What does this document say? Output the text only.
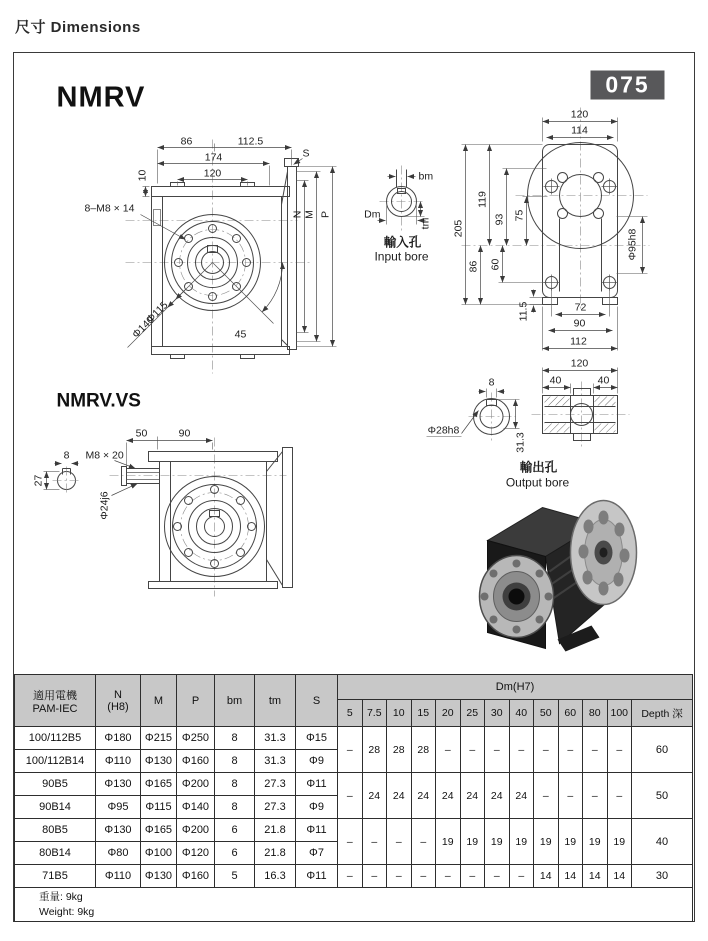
尺寸 Dimensions
NMRV	075
86	112.5
174
120
10
S
N M P
8–M8 × 14
Φ115
Φ140	45
bm
Dm
tm
輸入孔
Input bore
120
114
205
119
93 75
86 60
Φ95h8
11.5	72
90
112
120
40	40
8
Φ28h8
31.3
輸出孔
Output bore
NMRV.VS
50	90
8
27
M8 × 20
Φ24j6
適用電機
PAM-IEC

N
(H8)	M	P	bm	tm	S	Dm(H7)
							5	7.5	10	15	20	25	30	40	50	60	80	100	Depth 深
100/112B5	Φ180	Φ215	Φ250	8	31.3	Φ15	–	28	28	28	–	–	–	–	–	–	–	–	60
100/112B14	Φ110	Φ130	Φ160	8	31.3	Φ9													
90B5	Φ130	Φ165	Φ200	8	27.3	Φ11	–	24	24	24	24	24	24	24	–	–	–	–	50
90B14	Φ95	Φ115	Φ140	8	27.3	Φ9													
80B5	Φ130	Φ165	Φ200	6	21.8	Φ11	–	–	–	–	19	19	19	19	19	19	19	19	40
80B14	Φ80	Φ100	Φ120	6	21.8	Φ7													
71B5	Φ110	Φ130	Φ160	5	16.3	Φ11	–	–	–	–	–	–	–	–	14	14	14	14	30

重量: 9kg
Weight: 9kg																			
